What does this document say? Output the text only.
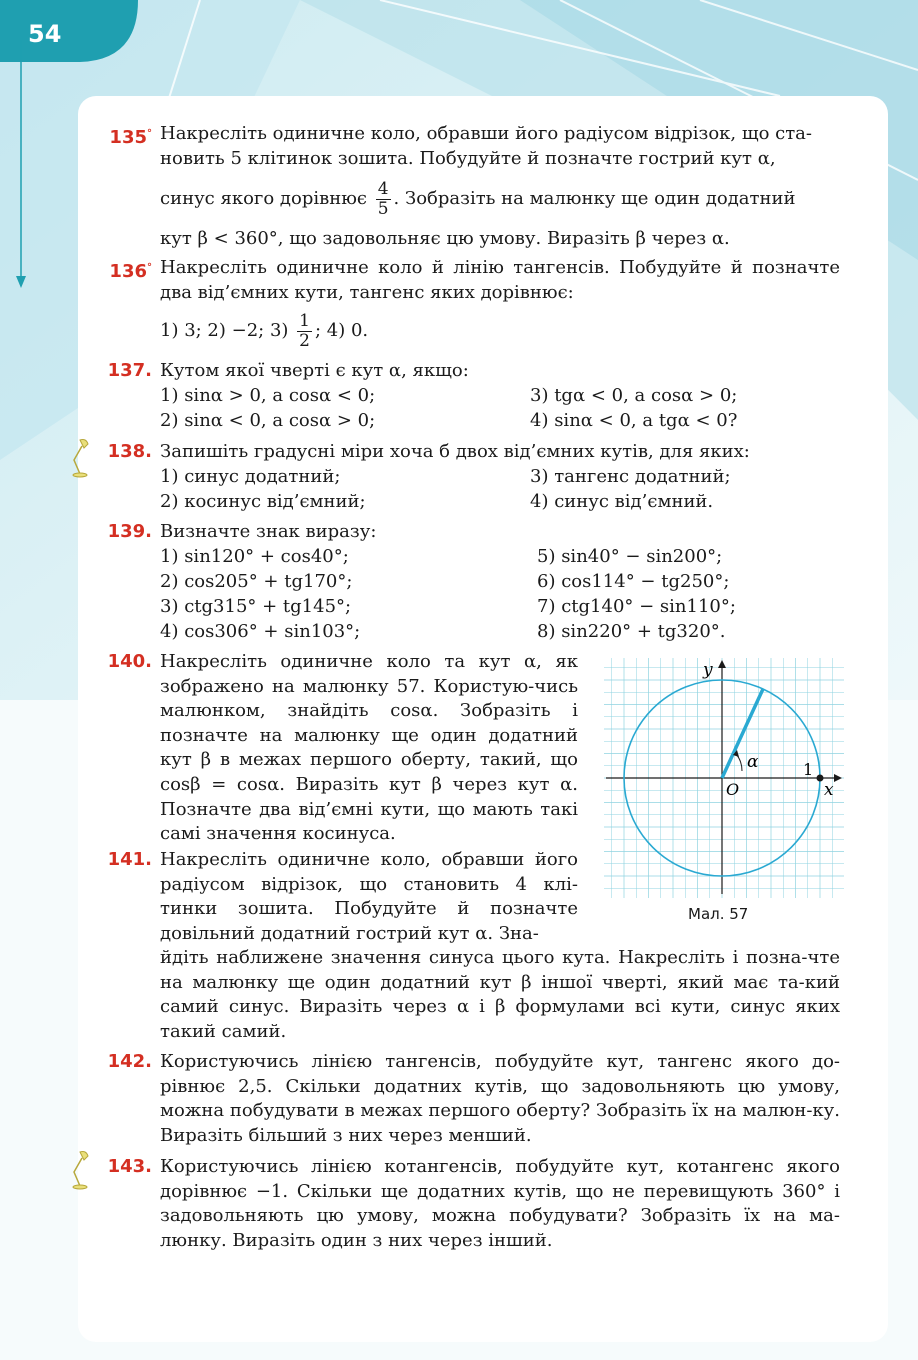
54
135° Накресліть одиничне коло, обравши його радіусом відрізок, що ста-
новить 5 клітинок зошита. Побудуйте й позначте гострий кут α,
синус якого дорівнює $\frac{4}{5}$ . Зобразіть на малюнку ще один додатний
кут β < 360°, що задовольняє цю умову. Виразіть β через α.
136° Накресліть одиничне коло й лінію тангенсів. Побудуйте й позначте два від’ємних кути, тангенс яких дорівнює:
1) 3; 2) −2; $3) \frac{1}{2}$ ; 4) 0.
137. Кутом якої чверті є кут α, якщо:
1) sinα > 0, а cosα < 0;	3) tgα < 0, а cosα > 0;
2) sinα < 0, а cosα > 0;	4) sinα < 0, а tgα < 0?
138. Запишіть градусні міри хоча б двох від’ємних кутів, для яких:
1) синус додатний;	3) тангенс додатний;
2) косинус від’ємний;	4) синус від’ємний.
139. Визначте знак виразу:
1) sin120° + cos40°;	5) sin40° − sin200°;
2) cos205° + tg170°;	6) cos114° − tg250°;
3) ctg315° + tg145°;	7) ctg140° − sin110°;
4) cos306° + sin103°;	8) sin220° + tg320°.
140. Накресліть одиничне коло та кут α, як зображено на малюнку 57. Користую-чись малюнком, знайдіть cosα. Зобразіть і позначте на малюнку ще один додатний кут β в межах першого оберту, такий, що cosβ = cosα. Виразіть кут β через кут α. Позначте два від’ємні кути, що мають такі самі значення косинуса.
141. Накресліть одиничне коло, обравши його радіусом відрізок, що становить 4 клі-тинки зошита. Побудуйте й позначте довільний додатний гострий кут α. Зна-
йдіть наближене значення синуса цього кута. Накресліть і позна-чте на малюнку ще один додатний кут β іншої чверті, який має та-кий самий синус. Виразіть через α і β формулами всі кути, синус яких такий самий.
142. Користуючись лінією тангенсів, побудуйте кут, тангенс якого до-рівнює 2,5. Скільки додатних кутів, що задовольняють цю умову, можна побудувати в межах першого оберту? Зобразіть їх на малюн-ку. Виразіть більший з них через менший.
143. Користуючись лінією котангенсів, побудуйте кут, котангенс якого дорівнює −1. Скільки ще додатних кутів, що не перевищують 360° і задовольняють цю умову, можна побудувати? Зобразіть їх на ма-люнку. Виразіть один з них через інший.
y
x
O
1
α
Мал. 57
